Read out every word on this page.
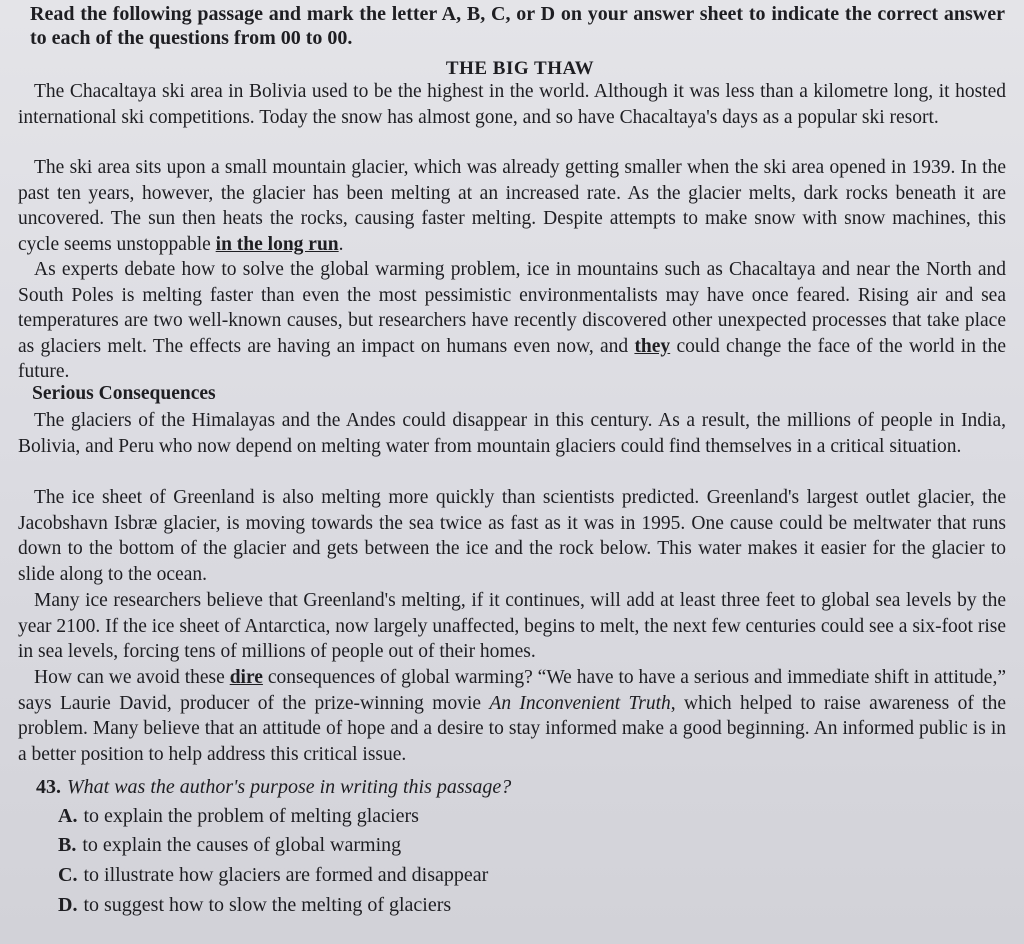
Read the following passage and mark the letter A, B, C, or D on your answer sheet to indicate the correct answer to each of the questions from 00 to 00.
THE BIG THAW
The Chacaltaya ski area in Bolivia used to be the highest in the world. Although it was less than a kilometre long, it hosted international ski competitions. Today the snow has almost gone, and so have Chacaltaya's days as a popular ski resort.
The ski area sits upon a small mountain glacier, which was already getting smaller when the ski area opened in 1939. In the past ten years, however, the glacier has been melting at an increased rate. As the glacier melts, dark rocks beneath it are uncovered. The sun then heats the rocks, causing faster melting. Despite attempts to make snow with snow machines, this cycle seems unstoppable in the long run.
As experts debate how to solve the global warming problem, ice in mountains such as Chacaltaya and near the North and South Poles is melting faster than even the most pessimistic environmentalists may have once feared. Rising air and sea temperatures are two well-known causes, but researchers have recently discovered other unexpected processes that take place as glaciers melt. The effects are having an impact on humans even now, and they could change the face of the world in the future.
Serious Consequences
The glaciers of the Himalayas and the Andes could disappear in this century. As a result, the millions of people in India, Bolivia, and Peru who now depend on melting water from mountain glaciers could find themselves in a critical situation.
The ice sheet of Greenland is also melting more quickly than scientists predicted. Greenland's largest outlet glacier, the Jacobshavn Isbræ glacier, is moving towards the sea twice as fast as it was in 1995. One cause could be meltwater that runs down to the bottom of the glacier and gets between the ice and the rock below. This water makes it easier for the glacier to slide along to the ocean.
Many ice researchers believe that Greenland's melting, if it continues, will add at least three feet to global sea levels by the year 2100. If the ice sheet of Antarctica, now largely unaffected, begins to melt, the next few centuries could see a six-foot rise in sea levels, forcing tens of millions of people out of their homes.
How can we avoid these dire consequences of global warming? “We have to have a serious and immediate shift in attitude,” says Laurie David, producer of the prize-winning movie An Inconvenient Truth, which helped to raise awareness of the problem. Many believe that an attitude of hope and a desire to stay informed make a good beginning. An informed public is in a better position to help address this critical issue.
43. What was the author's purpose in writing this passage?
A. to explain the problem of melting glaciers
B. to explain the causes of global warming
C. to illustrate how glaciers are formed and disappear
D. to suggest how to slow the melting of glaciers
